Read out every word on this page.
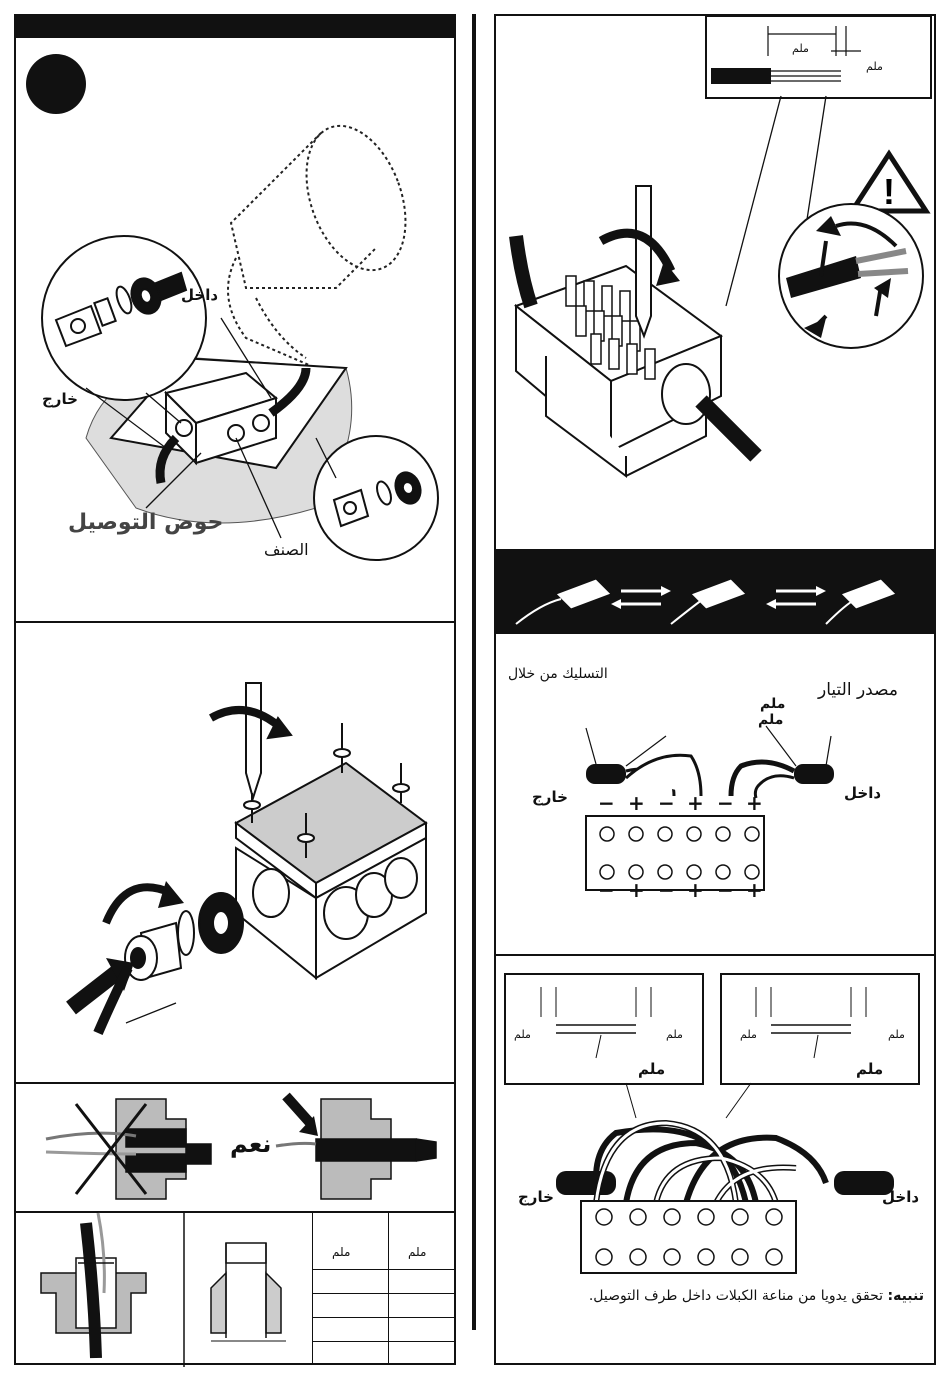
داخل
خارج
حوض التوصيل
الصنف
نعم
ملم	ملم
!
ملم
ملم
التسليك من خلال
مصدر التيار
ملم
ملم
خارج	داخل
− + − + − +
− + − + − +
ملم	ملم
ملم
ملم	ملم
ملم
خارج	داخل
تنبيه: تحقق يدويا من مناعة الكبلات داخل طرف التوصيل.
